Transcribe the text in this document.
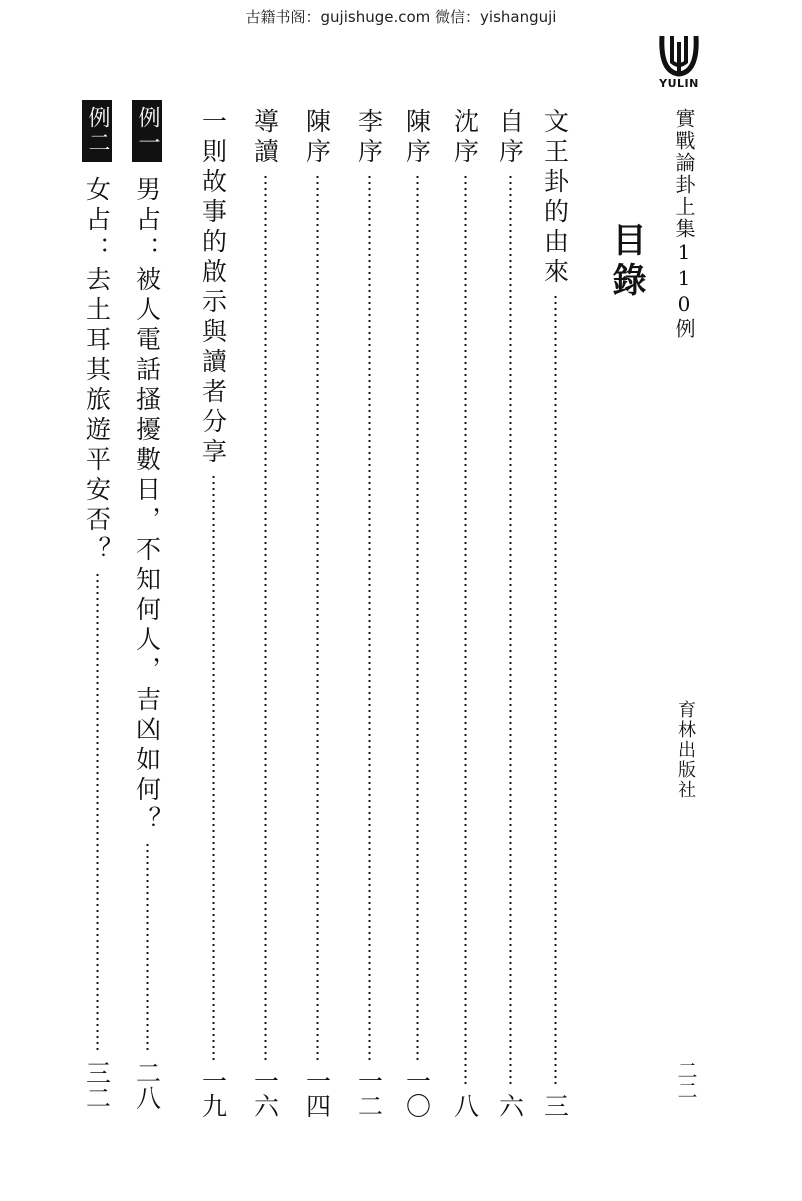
古籍书阁：gujishuge.com 微信：yishanguji
YULIN
實戰論卦上集110例
育林出版社
二二
目錄
文王卦的由來
三
自序
六
沈序
八
陳序
一〇
李序
一二
陳序
一四
導讀
一六
一則故事的啟示與讀者分享
一九
例一
男占：被人電話搔擾數日，不知何人，吉凶如何？
二八
例二
女占：去土耳其旅遊平安否？
三二
